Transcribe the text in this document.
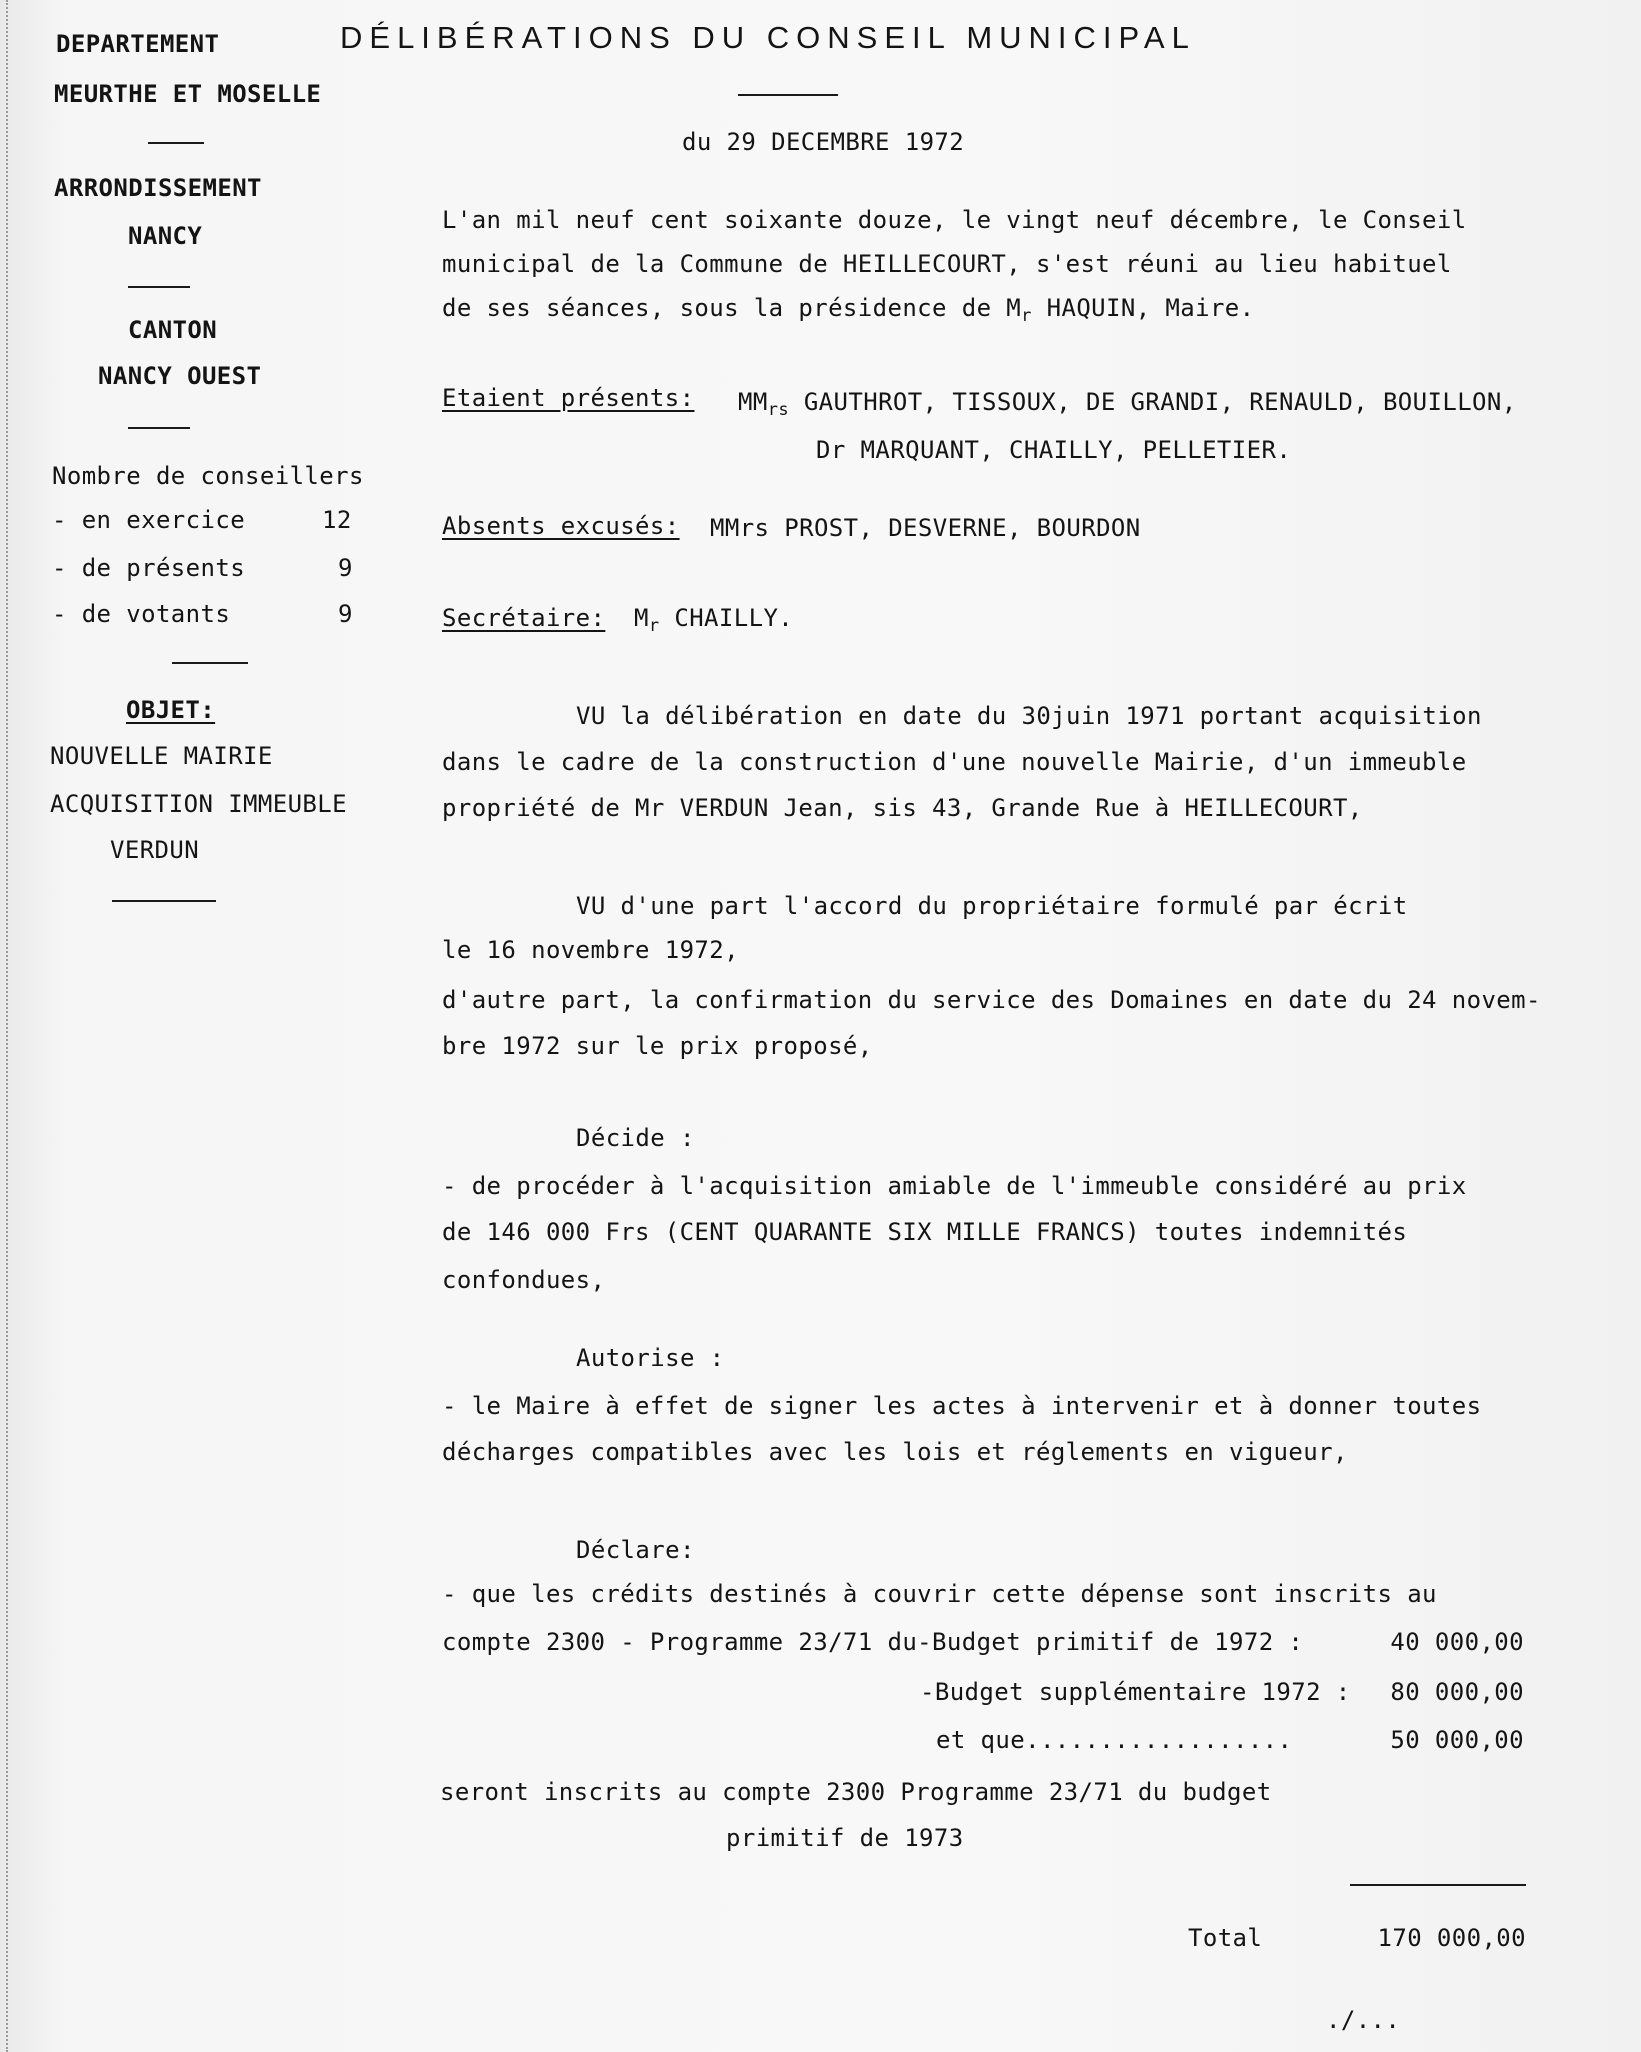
DÉLIBÉRATIONS DU CONSEIL MUNICIPAL
du 29 DECEMBRE 1972
DEPARTEMENT
MEURTHE ET MOSELLE
ARRONDISSEMENT
NANCY
CANTON
NANCY OUEST
Nombre de conseillers
- en exercice	12
- de présents	9
- de votants	9
OBJET:
NOUVELLE MAIRIE
ACQUISITION IMMEUBLE
VERDUN
L'an mil neuf cent soixante douze, le vingt neuf décembre, le Conseil
municipal de la Commune de HEILLECOURT, s'est réuni au lieu habituel
de ses séances, sous la présidence de $M_r$ HAQUIN, Maire.
Etaient présents: $MM_{rs}$ GAUTHROT, TISSOUX, DE GRANDI, RENAULD, BOUILLON,
Dr MARQUANT, CHAILLY, PELLETIER.
Absents excusés: MMrs PROST, DESVERNE, BOURDON
Secrétaire: $M_r$ CHAILLY.
VU la délibération en date du 30juin 1971 portant acquisition
dans le cadre de la construction d'une nouvelle Mairie, d'un immeuble
propriété de Mr VERDUN Jean, sis 43, Grande Rue à HEILLECOURT,
VU d'une part l'accord du propriétaire formulé par écrit
le 16 novembre 1972,
d'autre part, la confirmation du service des Domaines en date du 24 novem-
bre 1972 sur le prix proposé,
Décide :
- de procéder à l'acquisition amiable de l'immeuble considéré au prix
de 146 000 Frs (CENT QUARANTE SIX MILLE FRANCS) toutes indemnités
confondues,
Autorise :
- le Maire à effet de signer les actes à intervenir et à donner toutes
décharges compatibles avec les lois et réglements en vigueur,
Déclare:
- que les crédits destinés à couvrir cette dépense sont inscrits au
compte 2300 - Programme 23/71 du-Budget primitif de 1972 :	40 000,00
-Budget supplémentaire 1972 :	80 000,00
et que..................	50 000,00
seront inscrits au compte 2300 Programme 23/71 du budget
primitif de 1973
Total	170 000,00
./...
